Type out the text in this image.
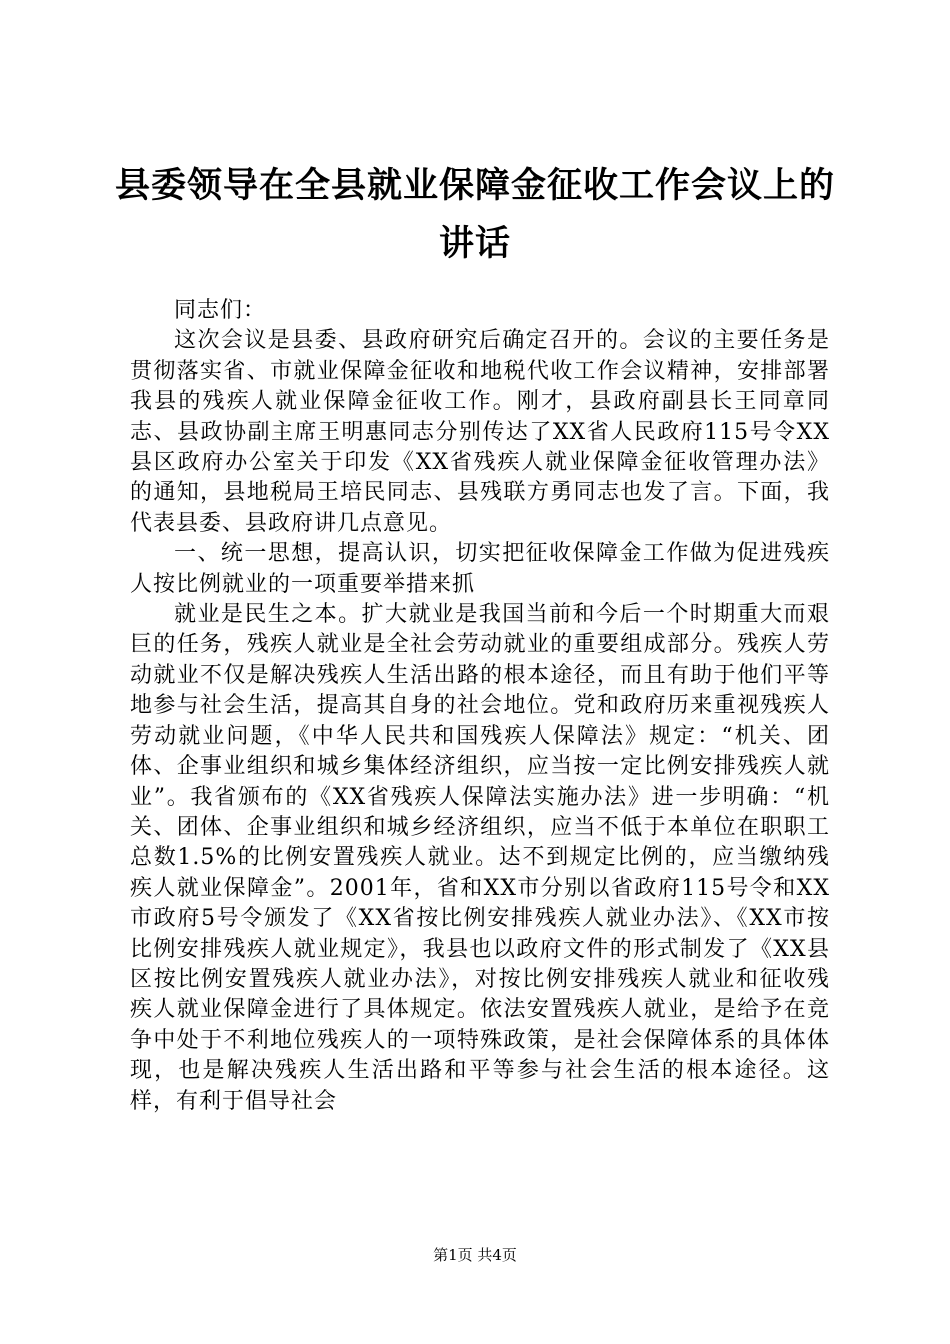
县委领导在全县就业保障金征收工作会议上的
讲话

同志们：

这次会议是县委、县政府研究后确定召开的。会议的主要任务是贯彻落实省、市就业保障金征收和地税代收工作会议精神，安排部署我县的残疾人就业保障金征收工作。刚才，县政府副县长王同章同志、县政协副主席王明惠同志分别传达了XX省人民政府115号令XX县区政府办公室关于印发《XX省残疾人就业保障金征收管理办法》的通知，县地税局王培民同志、县残联方勇同志也发了言。下面，我代表县委、县政府讲几点意见。

一、统一思想，提高认识，切实把征收保障金工作做为促进残疾人按比例就业的一项重要举措来抓

就业是民生之本。扩大就业是我国当前和今后一个时期重大而艰巨的任务，残疾人就业是全社会劳动就业的重要组成部分。残疾人劳动就业不仅是解决残疾人生活出路的根本途径，而且有助于他们平等地参与社会生活，提高其自身的社会地位。党和政府历来重视残疾人劳动就业问题，《中华人民共和国残疾人保障法》规定：“机关、团体、企事业组织和城乡集体经济组织，应当按一定比例安排残疾人就业”。我省颁布的《XX省残疾人保障法实施办法》进一步明确：“机关、团体、企事业组织和城乡经济组织，应当不低于本单位在职职工总数1.5%的比例安置残疾人就业。达不到规定比例的，应当缴纳残疾人就业保障金”。2001年，省和XX市分别以省政府115号令和XX市政府5号令颁发了《XX省按比例安排残疾人就业办法》、《XX市按比例安排残疾人就业规定》，我县也以政府文件的形式制发了《XX县区按比例安置残疾人就业办法》，对按比例安排残疾人就业和征收残疾人就业保障金进行了具体规定。依法安置残疾人就业，是给予在竞争中处于不利地位残疾人的一项特殊政策，是社会保障体系的具体体现，也是解决残疾人生活出路和平等参与社会生活的根本途径。这样，有利于倡导社会

第1页 共4页
